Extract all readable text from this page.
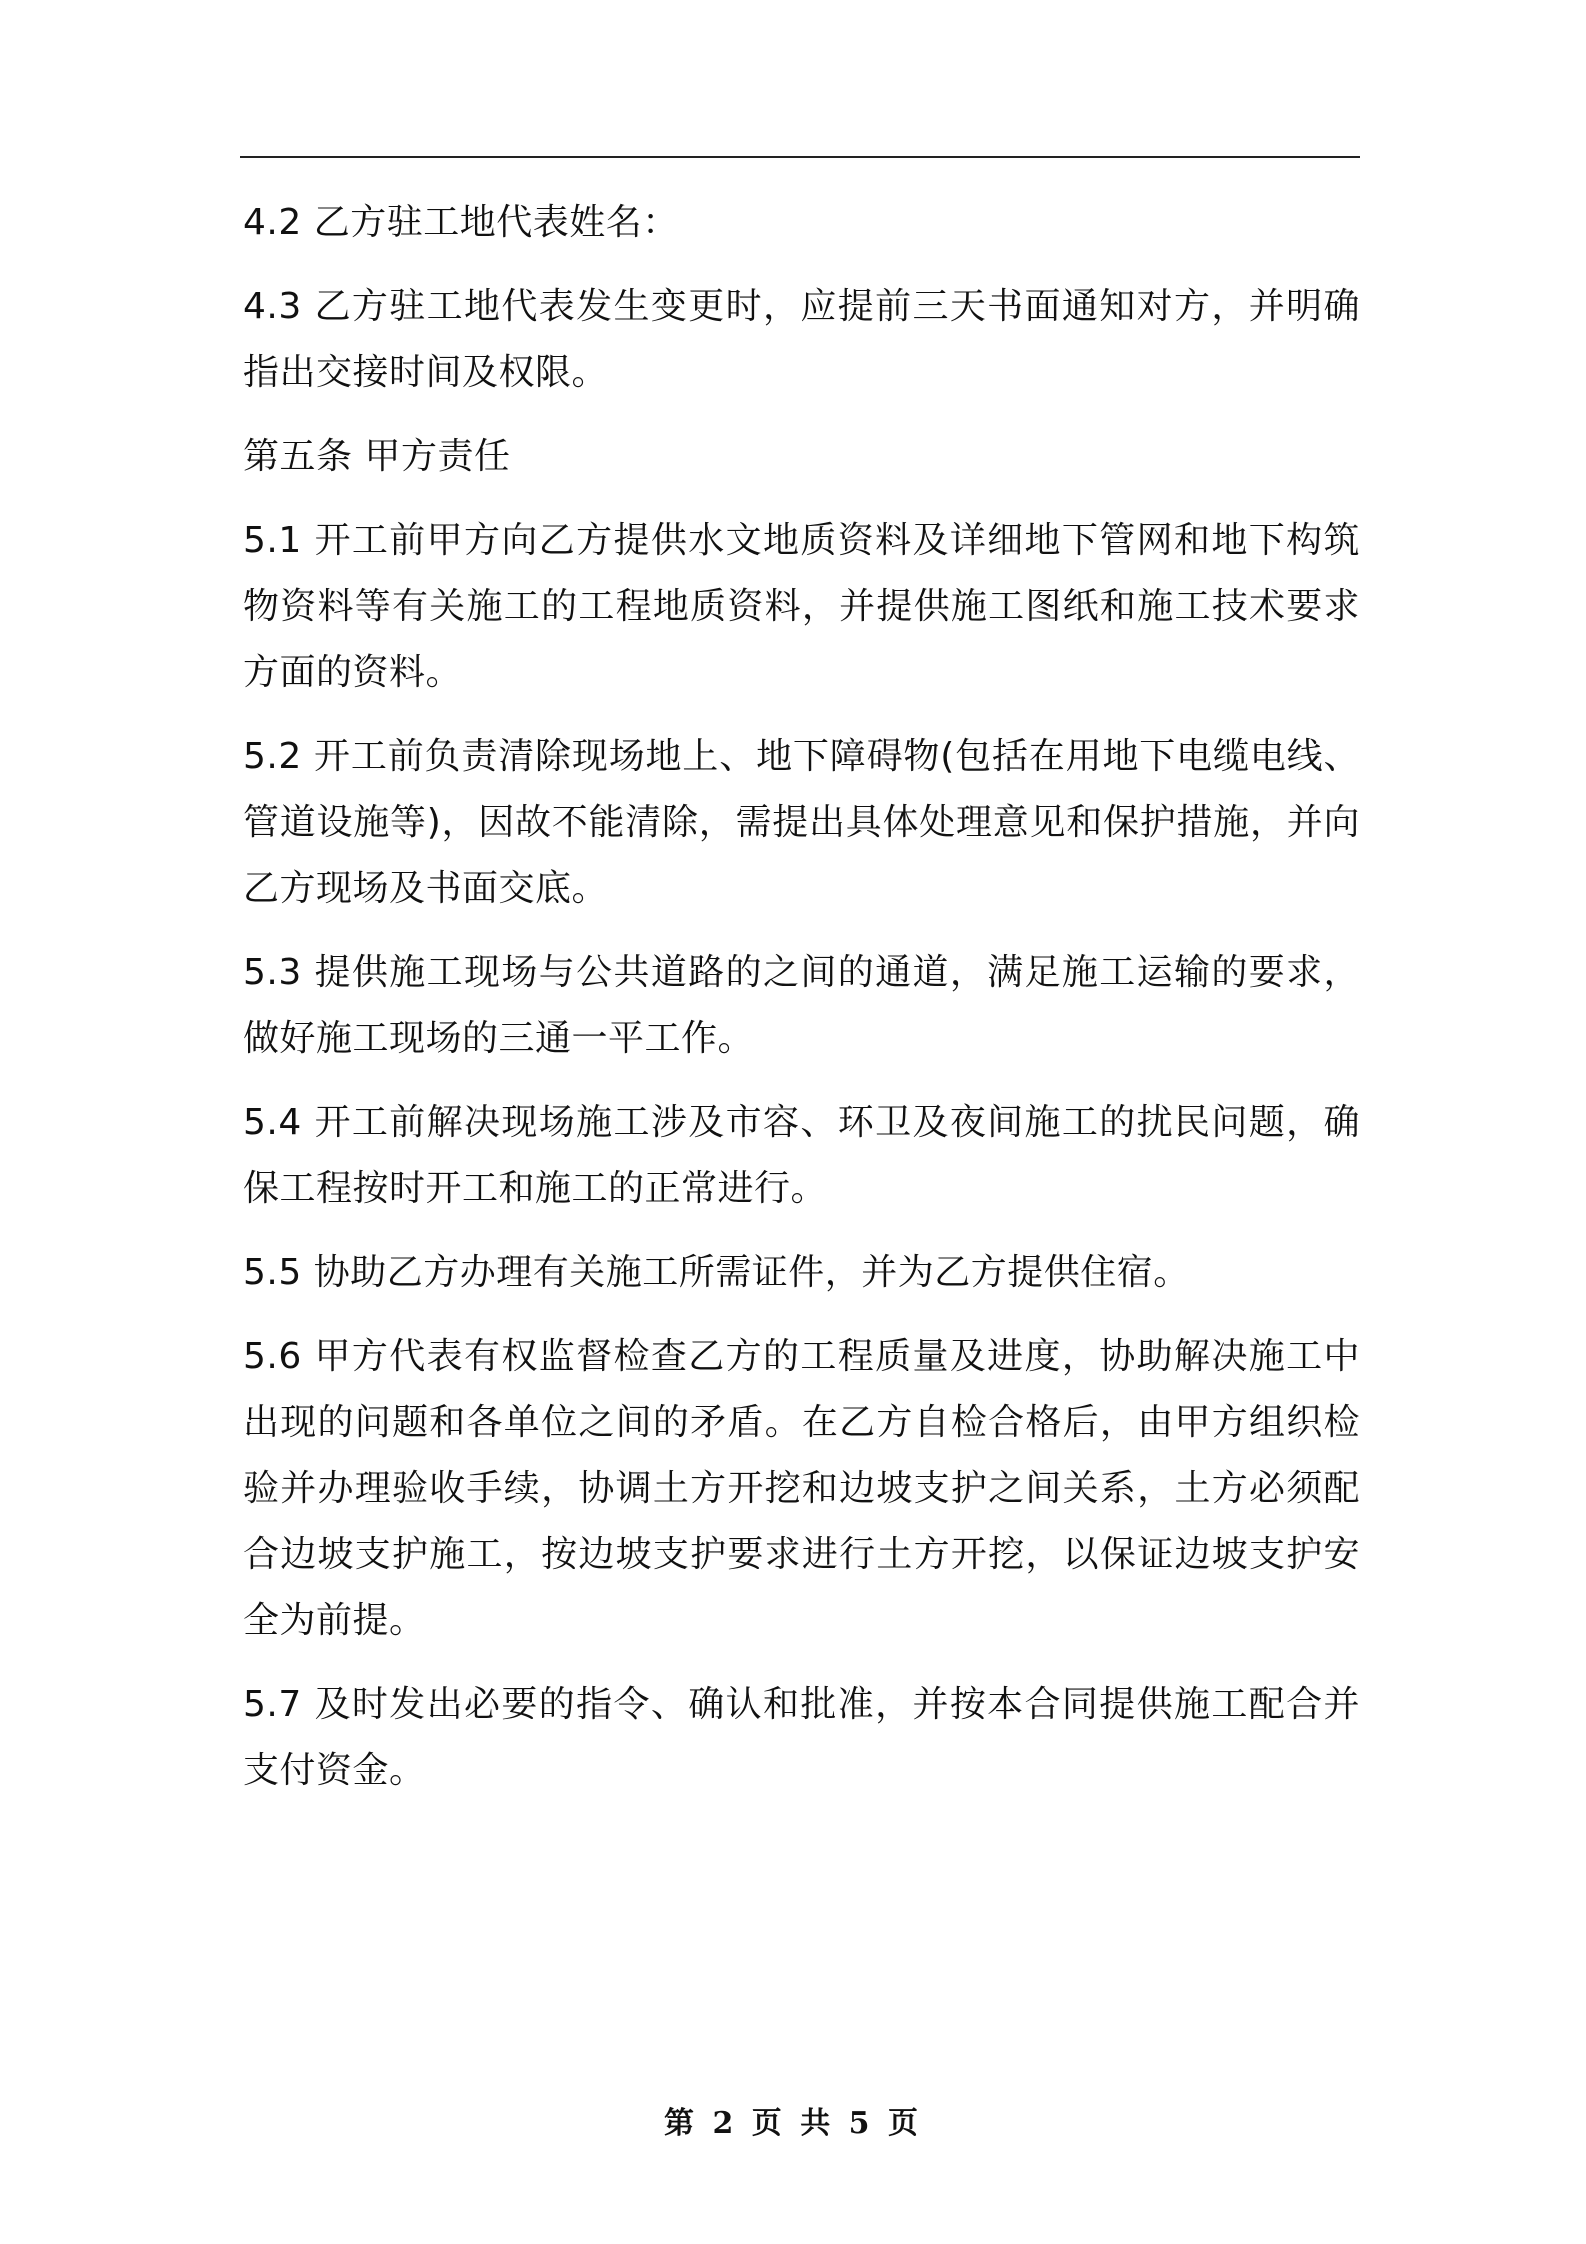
4.2 乙方驻工地代表姓名：

4.3 乙方驻工地代表发生变更时，应提前三天书面通知对方，并明确指出交接时间及权限。

第五条 甲方责任

5.1 开工前甲方向乙方提供水文地质资料及详细地下管网和地下构筑物资料等有关施工的工程地质资料，并提供施工图纸和施工技术要求方面的资料。

5.2 开工前负责清除现场地上、地下障碍物(包括在用地下电缆电线、管道设施等)，因故不能清除，需提出具体处理意见和保护措施，并向乙方现场及书面交底。

5.3 提供施工现场与公共道路的之间的通道，满足施工运输的要求，做好施工现场的三通一平工作。

5.4 开工前解决现场施工涉及市容、环卫及夜间施工的扰民问题，确保工程按时开工和施工的正常进行。

5.5 协助乙方办理有关施工所需证件，并为乙方提供住宿。

5.6 甲方代表有权监督检查乙方的工程质量及进度，协助解决施工中出现的问题和各单位之间的矛盾。在乙方自检合格后，由甲方组织检验并办理验收手续，协调土方开挖和边坡支护之间关系，土方必须配合边坡支护施工，按边坡支护要求进行土方开挖，以保证边坡支护安全为前提。

5.7 及时发出必要的指令、确认和批准，并按本合同提供施工配合并支付资金。

第 2 页 共 5 页
